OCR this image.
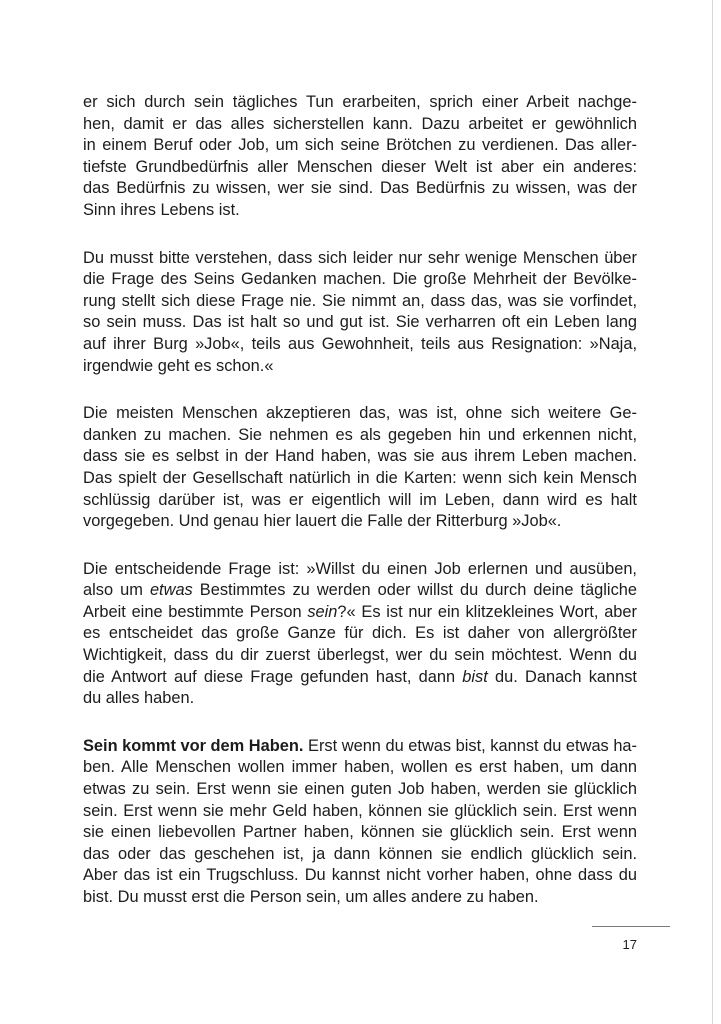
er sich durch sein tägliches Tun erarbeiten, sprich einer Arbeit nachge-
hen, damit er das alles sicherstellen kann. Dazu arbeitet er gewöhnlich
in einem Beruf oder Job, um sich seine Brötchen zu verdienen. Das aller-
tiefste Grundbedürfnis aller Menschen dieser Welt ist aber ein anderes:
das Bedürfnis zu wissen, wer sie sind. Das Bedürfnis zu wissen, was der
Sinn ihres Lebens ist.

Du musst bitte verstehen, dass sich leider nur sehr wenige Menschen über
die Frage des Seins Gedanken machen. Die große Mehrheit der Bevölke-
rung stellt sich diese Frage nie. Sie nimmt an, dass das, was sie vorfindet,
so sein muss. Das ist halt so und gut ist. Sie verharren oft ein Leben lang
auf ihrer Burg »Job«, teils aus Gewohnheit, teils aus Resignation: »Naja,
irgendwie geht es schon.«

Die meisten Menschen akzeptieren das, was ist, ohne sich weitere Ge-
danken zu machen. Sie nehmen es als gegeben hin und erkennen nicht,
dass sie es selbst in der Hand haben, was sie aus ihrem Leben machen.
Das spielt der Gesellschaft natürlich in die Karten: wenn sich kein Mensch
schlüssig darüber ist, was er eigentlich will im Leben, dann wird es halt
vorgegeben. Und genau hier lauert die Falle der Ritterburg »Job«.

Die entscheidende Frage ist: »Willst du einen Job erlernen und ausüben,
also um etwas Bestimmtes zu werden oder willst du durch deine tägliche
Arbeit eine bestimmte Person sein?« Es ist nur ein klitzekleines Wort, aber
es entscheidet das große Ganze für dich. Es ist daher von allergrößter
Wichtigkeit, dass du dir zuerst überlegst, wer du sein möchtest. Wenn du
die Antwort auf diese Frage gefunden hast, dann bist du. Danach kannst
du alles haben.

Sein kommt vor dem Haben. Erst wenn du etwas bist, kannst du etwas ha-
ben. Alle Menschen wollen immer haben, wollen es erst haben, um dann
etwas zu sein. Erst wenn sie einen guten Job haben, werden sie glücklich
sein. Erst wenn sie mehr Geld haben, können sie glücklich sein. Erst wenn
sie einen liebevollen Partner haben, können sie glücklich sein. Erst wenn
das oder das geschehen ist, ja dann können sie endlich glücklich sein.
Aber das ist ein Trugschluss. Du kannst nicht vorher haben, ohne dass du
bist. Du musst erst die Person sein, um alles andere zu haben.

17
